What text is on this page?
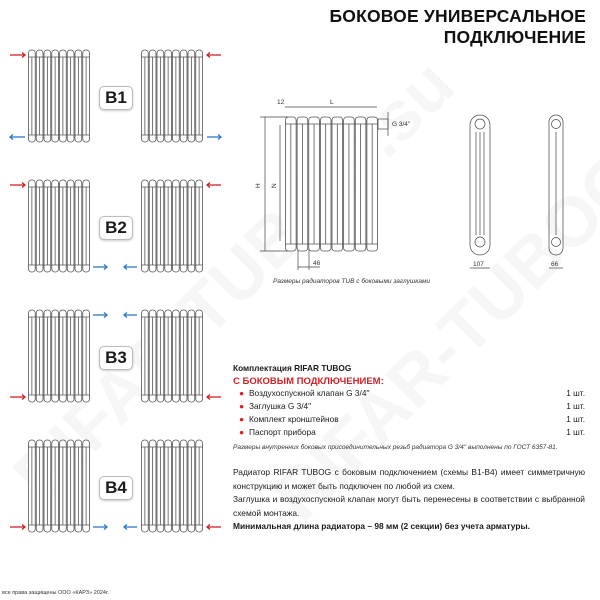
БОКОВОЕ УНИВЕРСАЛЬНОЕ
ПОДКЛЮЧЕНИЕ
B1
B2
B3
B4
12	L
G 3/4''
H N
46	107	66
Размеры радиаторов TUB с боковыми заглушками
Комплектация RIFAR TUBOG
С БОКОВЫМ ПОДКЛЮЧЕНИЕМ:
● Воздухоспускной клапан G 3/4''	1 шт.
● Заглушка G 3/4''	1 шт.
● Комплект кронштейнов	1 шт.
● Паспорт прибора	1 шт.
Размеры внутренних боковых присоединительных резьб радиатора G 3/4'' выполнены по ГОСТ 6357-81.
Радиатор RIFAR TUBOG с боковым подключением (схемы B1-B4) имеет симметричную конструкцию и может быть подключен по любой из схем.
Заглушка и воздухоспускной клапан могут быть перенесены в соответствии с выбранной схемой монтажа.
Минимальная длина радиатора – 98 мм (2 секции) без учета арматуры.
все права защищены ООО «КАРЗ» 2024г.
